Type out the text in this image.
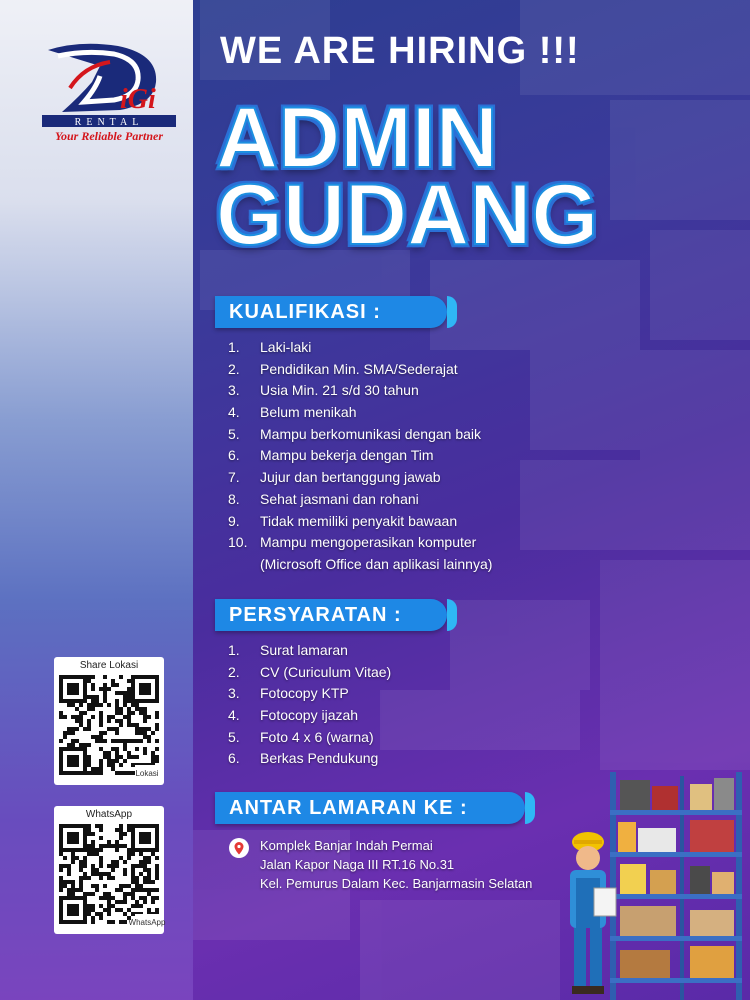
iGi
RENTAL
Your Reliable Partner
WE ARE HIRING !!!
ADMIN
GUDANG
KUALIFIKASI :
1. Laki-laki
2. Pendidikan Min. SMA/Sederajat
3. Usia Min. 21 s/d 30 tahun
4. Belum menikah
5. Mampu berkomunikasi dengan baik
6. Mampu bekerja dengan Tim
7. Jujur dan bertanggung jawab
8. Sehat jasmani dan rohani
9. Tidak memiliki penyakit bawaan
10. Mampu mengoperasikan komputer
(Microsoft Office dan aplikasi lainnya)
PERSYARATAN :
1. Surat lamaran
2. CV (Curiculum Vitae)
3. Fotocopy KTP
4. Fotocopy ijazah
5. Foto 4 x 6 (warna)
6. Berkas Pendukung
ANTAR LAMARAN KE :
Komplek Banjar Indah Permai
Jalan Kapor Naga III RT.16 No.31
Kel. Pemurus Dalam Kec. Banjarmasin Selatan
Share Lokasi
Lokasi
WhatsApp
WhatsApp
